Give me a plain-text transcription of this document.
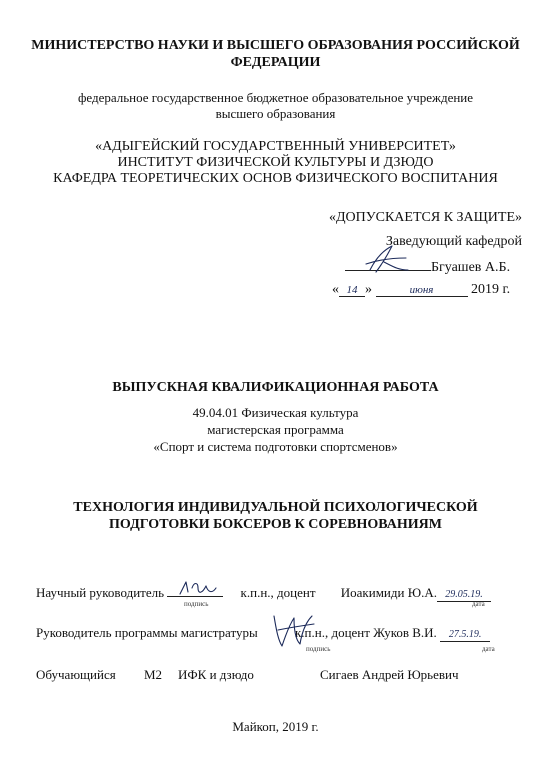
МИНИСТЕРСТВО НАУКИ И ВЫСШЕГО ОБРАЗОВАНИЯ РОССИЙСКОЙ
ФЕДЕРАЦИИ
федеральное государственное бюджетное образовательное учреждение
высшего образования
«АДЫГЕЙСКИЙ ГОСУДАРСТВЕННЫЙ УНИВЕРСИТЕТ»
ИНСТИТУТ ФИЗИЧЕСКОЙ КУЛЬТУРЫ И ДЗЮДО
КАФЕДРА ТЕОРЕТИЧЕСКИХ ОСНОВ ФИЗИЧЕСКОГО ВОСПИТАНИЯ
«ДОПУСКАЕТСЯ К ЗАЩИТЕ»
Заведующий кафедрой
Бгуашев А.Б.
« 14 »	июня	2019 г.
ВЫПУСКНАЯ КВАЛИФИКАЦИОННАЯ РАБОТА
49.04.01 Физическая культура
магистерская программа
«Спорт и система подготовки спортсменов»
ТЕХНОЛОГИЯ ИНДИВИДУАЛЬНОЙ ПСИХОЛОГИЧЕСКОЙ
ПОДГОТОВКИ БОКСЕРОВ К СОРЕВНОВАНИЯМ
Научный руководитель	к.п.н., доцент Иоакимиди Ю.А. 29.05.19.
подпись	дата
Руководитель программы магистратуры	к.п.н., доцент Жуков В.И. 27.5.19.
подпись	дата
Обучающийся М2 ИФК и дзюдо	Сигаев Андрей Юрьевич
Майкоп, 2019 г.
